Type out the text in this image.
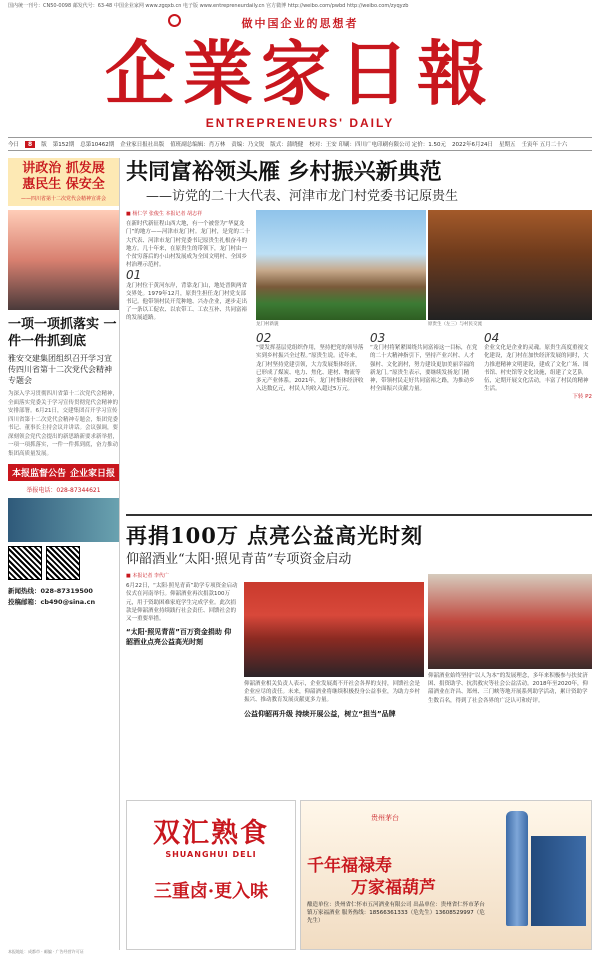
国内统一刊号：CN50-0098 邮发代号：63-48 中国企业家网 www.zgqxb.cn 电子版 www.entrepreneurdaily.cn 官方微博 http://weibo.com/pwbd http://weibo.com/zyqyzb
做中国企业的思想者
企業家日報
ENTREPRENEURS' DAILY
今日	8	版 第152期 总第10462期 企业家日报社出版 值班副总编辑：肖万林 责编：乃文锐 版式：蒲晓健 校对：王安 印刷：四川广电印刷有限公司 定价：1.50元 2022年6月24日 星期五 壬寅年 五月二十六
讲政治 抓发展
惠民生 保安全
——四川省第十二次党代会精神宣讲会
一项一项抓落实 一件一件抓到底
雅安交建集团组织召开学习宣传四川省第十二次党代会精神专题会
为深入学习贯彻四川省第十二次党代会精神，全面落实党委关于学习宣传贯彻党代会精神的安排部署。6月21日，交建集团召开学习宣传四川省第十二次党代会精神专题会，集团党委书记、董事长主持会议并讲话。会议强调，要深刻领会党代会提出的新思路新要求新举措，一项一项抓落实，一件一件抓到底，奋力推动集团高质量发展。
本报监督公告 企业家日报
举报电话：028-87344621
新闻热线：028-87319500
投稿邮箱：cb490@sina.cn
共同富裕领头雁 乡村振兴新典范
——访党的二十大代表、河津市龙门村党委书记原贵生
■ 杨仁学 张俊生 本报记者 胡志祥
在新时代新征程山西大地，有一个被誉为“华夏龙门”的地方——河津市龙门村。龙门村，是党的二十大代表、河津市龙门村党委书记原贵生扎根奋斗的地方。几十年来，在原贵生的带领下，龙门村由一个贫穷落后的小山村发展成为全国文明村、全国乡村治理示范村。
01
龙门村位于黄河东岸，背靠龙门山，地处晋陕两省交界处。1979年12月，原贵生担任龙门村党支部书记。他带领村民开荒种地、兴办企业，逐步走出了一条以工促农、以农带工、工农互补、共同富裕的发展道路。
龙门村新貌	原贵生（左三）与村民交流
02
“要发挥基层党组织作用，坚持把党的领导落实到乡村振兴全过程。”原贵生说。近年来，龙门村坚持党建引领，大力发展集体经济，已形成了煤炭、电力、焦化、建材、物流等多元产业体系。2021年，龙门村集体经济收入达数亿元，村民人均收入超过5万元。
03
“龙门村将紧紧围绕共同富裕这一目标，在党的二十大精神指引下，坚持产业兴村、人才强村、文化润村，努力建设更加美丽幸福的新龙门。”原贵生表示，要继续发扬龙门精神，带领村民走好共同富裕之路，为推动乡村全面振兴贡献力量。
04
企业文化是企业的灵魂。原贵生高度重视文化建设，龙门村在加快经济发展的同时，大力推进精神文明建设，建成了文化广场、图书馆、村史馆等文化设施，组建了文艺队伍，定期开展文化活动，丰富了村民的精神生活。
下转 P2
再捐100万 点亮公益高光时刻
仰韶酒业“太阳·照见青苗”专项资金启动
■ 本报记者 李代广
6月22日，“太阳·照见青苗”助学专项资金启动仪式在河南举行。仰韶酒业再次捐款100万元，用于资助困难家庭学生完成学业。此次捐款是仰韶酒业持续践行社会责任、回馈社会的又一重要举措。
“太阳·照见青苗”百万资金捐助 仰韶酒业点亮公益高光时刻
仰韶酒业相关负责人表示，企业发展离不开社会各界的支持，回馈社会是企业应尽的责任。未来，仰韶酒业将继续积极投身公益事业，为助力乡村振兴、推动教育发展贡献更多力量。
公益仰韶再升级 持续开展公益，树立“担当”品牌
仰韶酒业始终坚持“以人为本”的发展理念，多年来积极参与扶贫济困、捐资助学、抗洪救灾等社会公益活动。2018年至2020年，仰韶酒业在许昌、郑州、三门峡等地开展系列助学活动，累计资助学生数百名，得到了社会各界的广泛认可和好评。
双汇熟食
SHUANGHUI DELI
三重卤·更入味
贵州茅台
千年福禄寿
万家福葫芦
酿造单位：贵州省仁怀市五河酒业有限公司 出品单位：贵州省仁怀市茅台镇万家福酒业 服务热线：18566361333（危先生）13608529997（危先生）
本报地址：成都市 · 邮编 · 广告经营许可证
